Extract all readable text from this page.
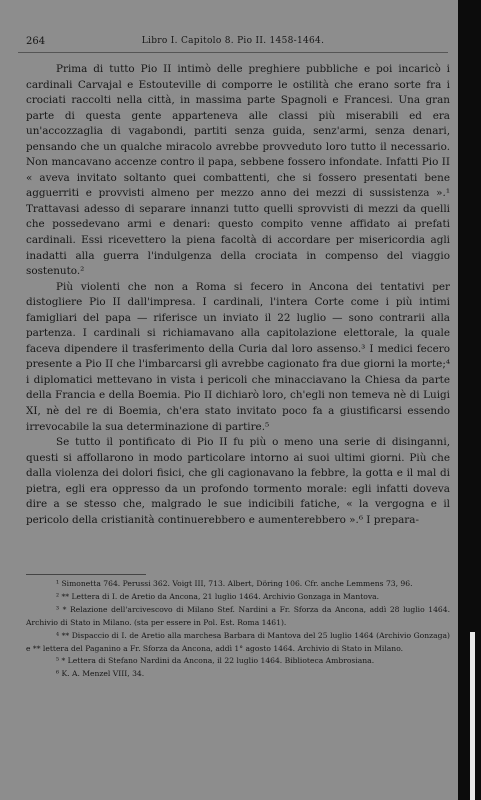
264	Libro I. Capitolo 8. Pio II. 1458-1464.

Prima di tutto Pio II intimò delle preghiere pubbliche e poi incaricò i cardinali Carvajal e Estouteville di comporre le ostilità che erano sorte fra i crociati raccolti nella città, in massima parte Spagnoli e Francesi. Una gran parte di questa gente apparteneva alle classi più miserabili ed era un'accozzaglia di vagabondi, partiti senza guida, senz'armi, senza denari, pensando che un qualche miracolo avrebbe provveduto loro tutto il necessario. Non mancavano accenze contro il papa, sebbene fossero infondate. Infatti Pio II « aveva invitato soltanto quei combattenti, che si fossero presentati bene agguerriti e provvisti almeno per mezzo anno dei mezzi di sussistenza ».¹ Trattavasi adesso di separare innanzi tutto quelli sprovvisti di mezzi da quelli che possedevano armi e denari: questo compito venne affidato ai prefati cardinali. Essi ricevettero la piena facoltà di accordare per misericordia agli inadatti alla guerra l'indulgenza della crociata in compenso del viaggio sostenuto.²

Più violenti che non a Roma si fecero in Ancona dei tentativi per distogliere Pio II dall'impresa. I cardinali, l'intera Corte come i più intimi famigliari del papa — riferisce un inviato il 22 luglio — sono contrarii alla partenza. I cardinali si richiamavano alla capitolazione elettorale, la quale faceva dipendere il trasferimento della Curia dal loro assenso.³ I medici fecero presente a Pio II che l'imbarcarsi gli avrebbe cagionato fra due giorni la morte;⁴ i diplomatici mettevano in vista i pericoli che minacciavano la Chiesa da parte della Francia e della Boemia. Pio II dichiarò loro, ch'egli non temeva nè di Luigi XI, nè del re di Boemia, ch'era stato invitato poco fa a giustificarsi essendo irrevocabile la sua determinazione di partire.⁵

Se tutto il pontificato di Pio II fu più o meno una serie di disinganni, questi si affollarono in modo particolare intorno ai suoi ultimi giorni. Più che dalla violenza dei dolori fisici, che gli cagionavano la febbre, la gotta e il mal di pietra, egli era oppresso da un profondo tormento morale: egli infatti doveva dire a se stesso che, malgrado le sue indicibili fatiche, « la vergogna e il pericolo della cristianità continuerebbero e aumenterebbero ».⁶ I prepara-

¹ Simonetta 764. Perussi 362. Voigt III, 713. Albert, Döring 106. Cfr. anche Lemmens 73, 96.

² ** Lettera di I. de Aretio da Ancona, 21 luglio 1464. Archivio Gonzaga in Mantova.

³ * Relazione dell'arcivescovo di Milano Stef. Nardini a Fr. Sforza da Ancona, addì 28 luglio 1464. Archivio di Stato in Milano. (sta per essere in Pol. Est. Roma 1461).

⁴ ** Dispaccio di I. de Aretio alla marchesa Barbara di Mantova del 25 luglio 1464 (Archivio Gonzaga) e ** lettera del Paganino a Fr. Sforza da Ancona, addì 1° agosto 1464. Archivio di Stato in Milano.

⁵ * Lettera di Stefano Nardini da Ancona, il 22 luglio 1464. Biblioteca Ambrosiana.

⁶ K. A. Menzel VIII, 34.
